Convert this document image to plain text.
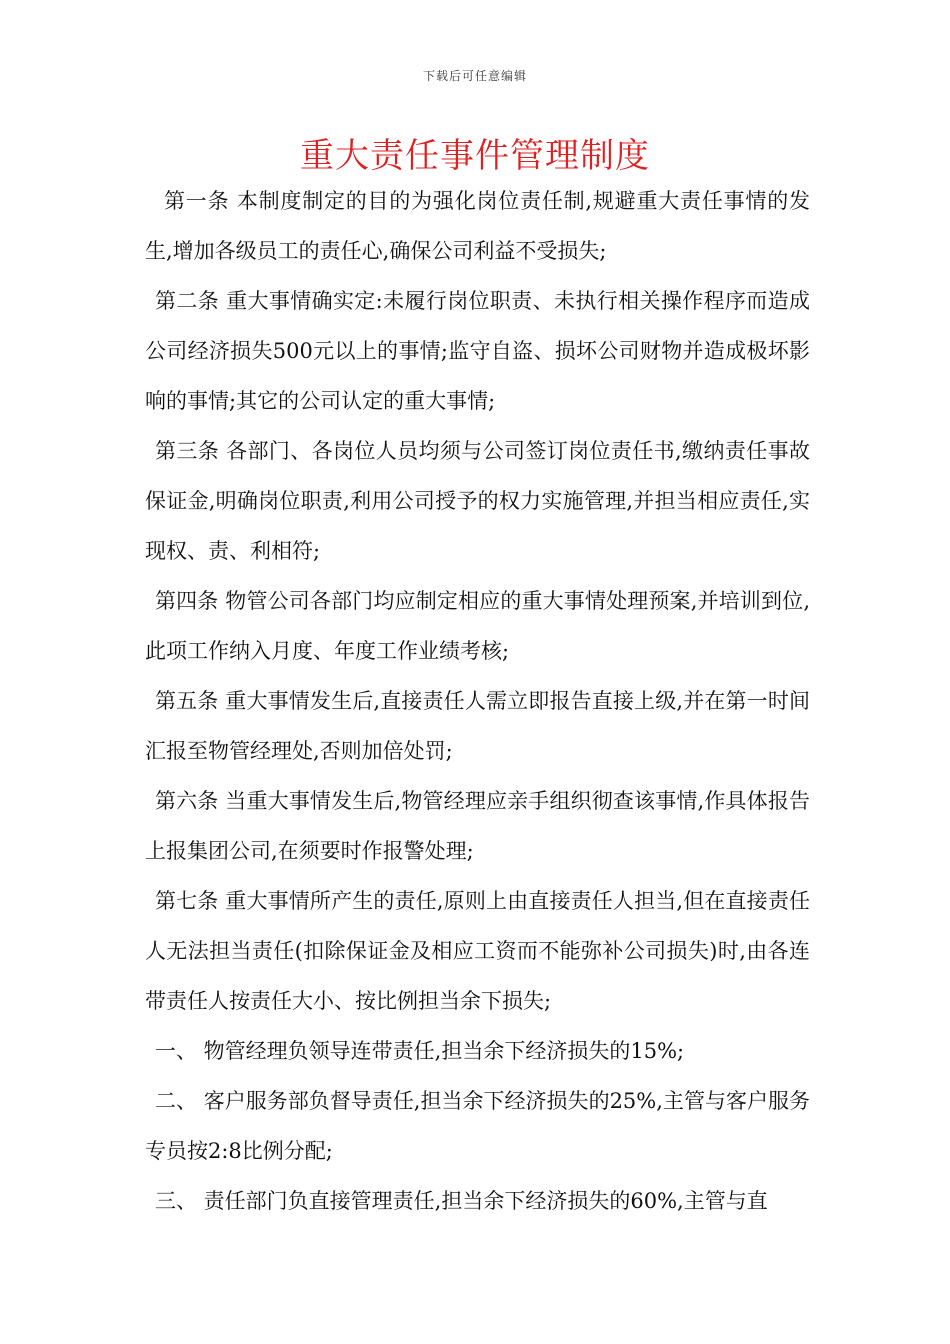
下载后可任意编辑
重大责任事件管理制度

第一条 本制度制定的目的为强化岗位责任制,规避重大责任事情的发生,增加各级员工的责任心,确保公司利益不受损失;

第二条 重大事情确实定:未履行岗位职责、未执行相关操作程序而造成公司经济损失500元以上的事情;监守自盗、损坏公司财物并造成极坏影响的事情;其它的公司认定的重大事情;

第三条 各部门、各岗位人员均须与公司签订岗位责任书,缴纳责任事故保证金,明确岗位职责,利用公司授予的权力实施管理,并担当相应责任,实现权、责、利相符;

第四条 物管公司各部门均应制定相应的重大事情处理预案,并培训到位,此项工作纳入月度、年度工作业绩考核;

第五条 重大事情发生后,直接责任人需立即报告直接上级,并在第一时间汇报至物管经理处,否则加倍处罚;

第六条 当重大事情发生后,物管经理应亲手组织彻查该事情,作具体报告上报集团公司,在须要时作报警处理;

第七条 重大事情所产生的责任,原则上由直接责任人担当,但在直接责任人无法担当责任(扣除保证金及相应工资而不能弥补公司损失)时,由各连带责任人按责任大小、按比例担当余下损失;

一、 物管经理负领导连带责任,担当余下经济损失的15%;

二、 客户服务部负督导责任,担当余下经济损失的25%,主管与客户服务专员按2:8比例分配;

三、 责任部门负直接管理责任,担当余下经济损失的60%,主管与直
